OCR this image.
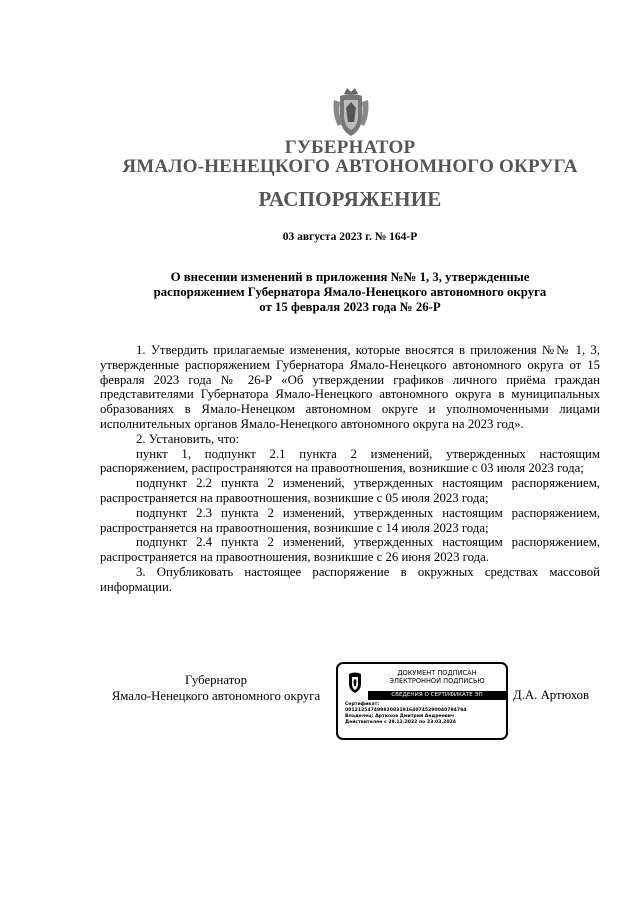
ГУБЕРНАТОР
ЯМАЛО-НЕНЕЦКОГО АВТОНОМНОГО ОКРУГА
РАСПОРЯЖЕНИЕ
03 августа 2023 г. № 164-Р
О внесении изменений в приложения №№ 1, 3, утвержденные
распоряжением Губернатора Ямало-Ненецкого автономного округа
от 15 февраля 2023 года № 26-Р

1. Утвердить прилагаемые изменения, которые вносятся в приложения №№ 1, 3, утвержденные распоряжением Губернатора Ямало-Ненецкого автономного округа от 15 февраля 2023 года № 26-Р «Об утверждении графиков личного приёма граждан представителями Губернатора Ямало-Ненецкого автономного округа в муниципальных образованиях в Ямало-Ненецком автономном округе и уполномоченными лицами исполнительных органов Ямало-Ненецкого автономного округа на 2023 год».

2. Установить, что:

пункт 1, подпункт 2.1 пункта 2 изменений, утвержденных настоящим распоряжением, распространяются на правоотношения, возникшие с 03 июля 2023 года;

подпункт 2.2 пункта 2 изменений, утвержденных настоящим распоряжением, распространяется на правоотношения, возникшие с 05 июля 2023 года;

подпункт 2.3 пункта 2 изменений, утвержденных настоящим распоряжением, распространяется на правоотношения, возникшие с 14 июля 2023 года;

подпункт 2.4 пункта 2 изменений, утвержденных настоящим распоряжением, распространяется на правоотношения, возникшие с 26 июня 2023 года.

3. Опубликовать настоящее распоряжение в окружных средствах массовой информации.

Губернатор
Ямало-Ненецкого автономного округа
ДОКУМЕНТ ПОДПИСАН
ЭЛЕКТРОННОЙ ПОДПИСЬЮ
СВЕДЕНИЯ О СЕРТИФИКАТЕ ЭП
Сертификат:
00121254749982083191640745290040794784
Владелец: Артюхов Дмитрий Андреевич
Действителен с 29.12.2022 по 23.03.2024
Д.А. Артюхов
